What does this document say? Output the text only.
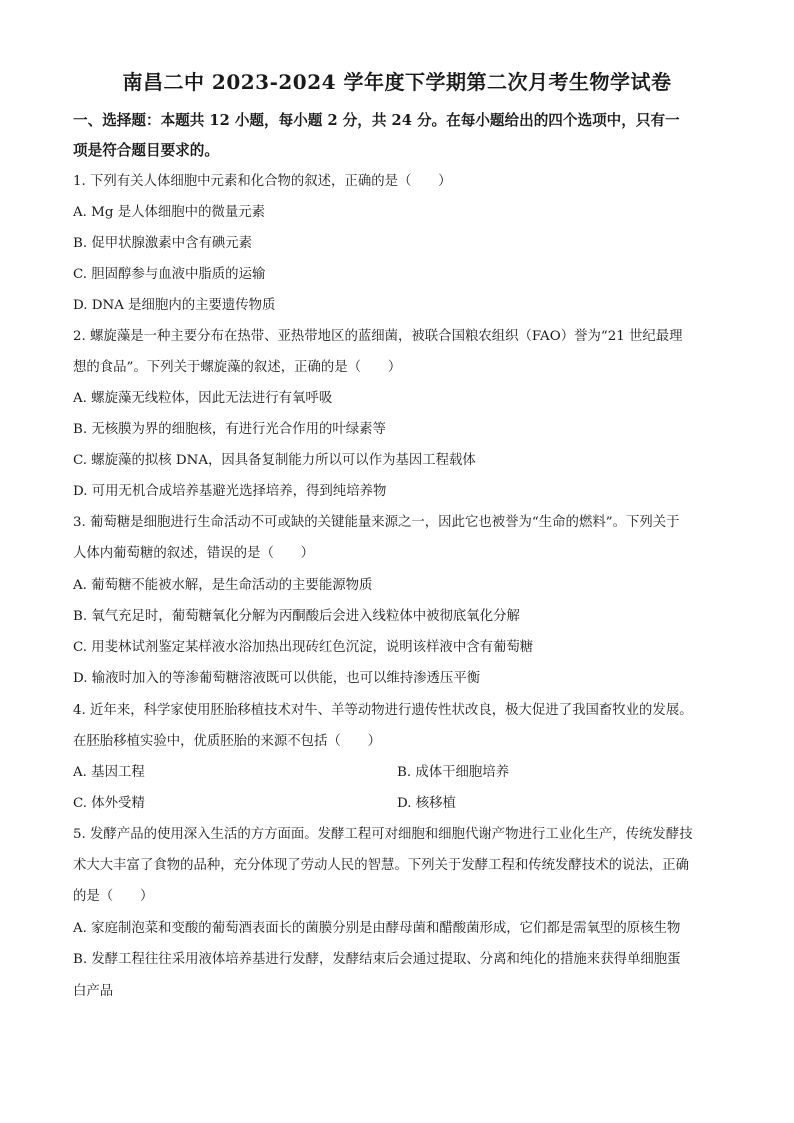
南昌二中 2023-2024 学年度下学期第二次月考生物学试卷
一、选择题：本题共 12 小题，每小题 2 分，共 24 分。在每小题给出的四个选项中，只有一
项是符合题目要求的。
1. 下列有关人体细胞中元素和化合物的叙述，正确的是（　　）
A. Mg 是人体细胞中的微量元素
B. 促甲状腺激素中含有碘元素
C. 胆固醇参与血液中脂质的运输
D. DNA 是细胞内的主要遗传物质
2. 螺旋藻是一种主要分布在热带、亚热带地区的蓝细菌，被联合国粮农组织（FAO）誉为“21 世纪最理
想的食品”。下列关于螺旋藻的叙述，正确的是（　　）
A. 螺旋藻无线粒体，因此无法进行有氧呼吸
B. 无核膜为界的细胞核，有进行光合作用的叶绿素等
C. 螺旋藻的拟核 DNA，因具备复制能力所以可以作为基因工程载体
D. 可用无机合成培养基避光选择培养，得到纯培养物
3. 葡萄糖是细胞进行生命活动不可或缺的关键能量来源之一，因此它也被誉为“生命的燃料”。下列关于
人体内葡萄糖的叙述，错误的是（　　）
A. 葡萄糖不能被水解，是生命活动的主要能源物质
B. 氧气充足时，葡萄糖氧化分解为丙酮酸后会进入线粒体中被彻底氧化分解
C. 用斐林试剂鉴定某样液水浴加热出现砖红色沉淀，说明该样液中含有葡萄糖
D. 输液时加入的等渗葡萄糖溶液既可以供能，也可以维持渗透压平衡
4. 近年来，科学家使用胚胎移植技术对牛、羊等动物进行遗传性状改良，极大促进了我国畜牧业的发展。
在胚胎移植实验中，优质胚胎的来源不包括（　　）
A. 基因工程	B. 成体干细胞培养
C. 体外受精	D. 核移植
5. 发酵产品的使用深入生活的方方面面。发酵工程可对细胞和细胞代谢产物进行工业化生产，传统发酵技
术大大丰富了食物的品种，充分体现了劳动人民的智慧。下列关于发酵工程和传统发酵技术的说法，正确
的是（　　）
A. 家庭制泡菜和变酸的葡萄酒表面长的菌膜分别是由酵母菌和醋酸菌形成，它们都是需氧型的原核生物
B. 发酵工程往往采用液体培养基进行发酵，发酵结束后会通过提取、分离和纯化的措施来获得单细胞蛋
白产品
